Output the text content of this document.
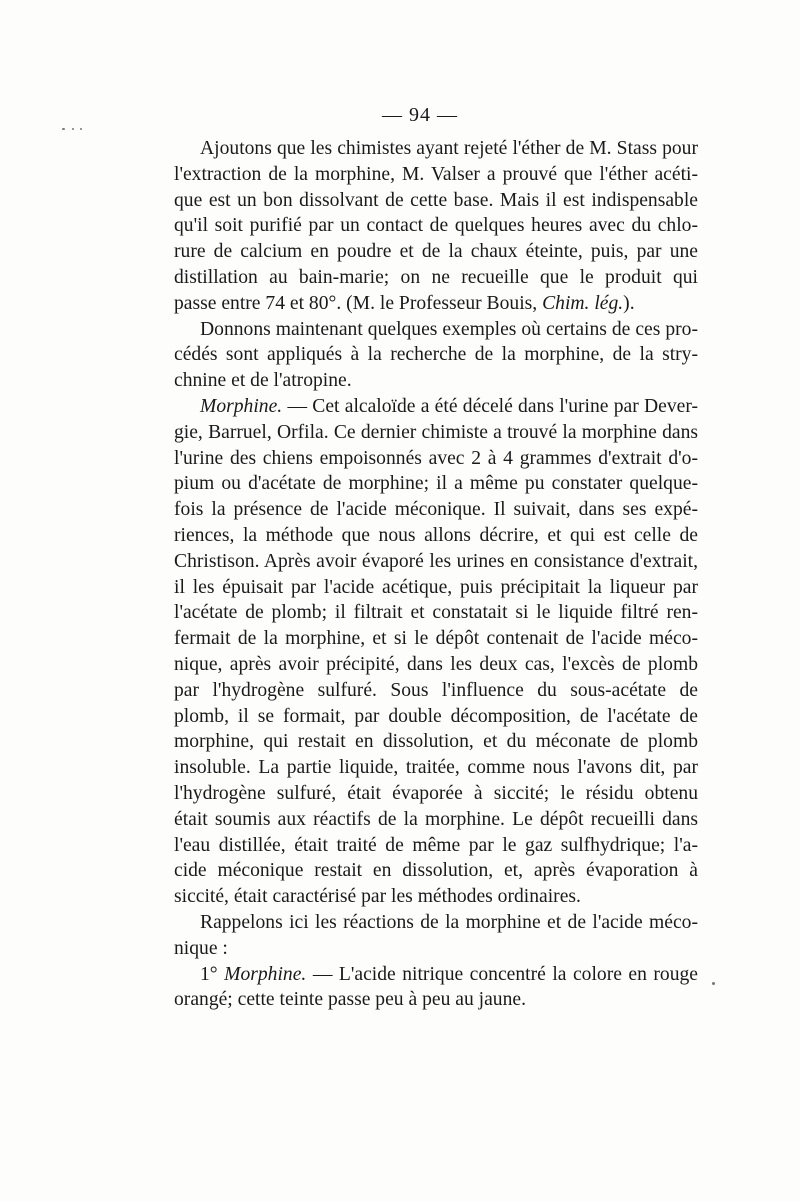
— 94 —

Ajoutons que les chimistes ayant rejeté l'éther de M. Stass pour
l'extraction de la morphine, M. Valser a prouvé que l'éther acéti-
que est un bon dissolvant de cette base. Mais il est indispensable
qu'il soit purifié par un contact de quelques heures avec du chlo-
rure de calcium en poudre et de la chaux éteinte, puis, par une
distillation au bain-marie; on ne recueille que le produit qui
passe entre 74 et 80°. (M. le Professeur Bouis, Chim. lég.).

Donnons maintenant quelques exemples où certains de ces pro-
cédés sont appliqués à la recherche de la morphine, de la stry-
chnine et de l'atropine.

Morphine. — Cet alcaloïde a été décelé dans l'urine par Dever-
gie, Barruel, Orfila. Ce dernier chimiste a trouvé la morphine dans
l'urine des chiens empoisonnés avec 2 à 4 grammes d'extrait d'o-
pium ou d'acétate de morphine; il a même pu constater quelque-
fois la présence de l'acide méconique. Il suivait, dans ses expé-
riences, la méthode que nous allons décrire, et qui est celle de
Christison. Après avoir évaporé les urines en consistance d'extrait,
il les épuisait par l'acide acétique, puis précipitait la liqueur par
l'acétate de plomb; il filtrait et constatait si le liquide filtré ren-
fermait de la morphine, et si le dépôt contenait de l'acide méco-
nique, après avoir précipité, dans les deux cas, l'excès de plomb
par l'hydrogène sulfuré. Sous l'influence du sous-acétate de
plomb, il se formait, par double décomposition, de l'acétate de
morphine, qui restait en dissolution, et du méconate de plomb
insoluble. La partie liquide, traitée, comme nous l'avons dit, par
l'hydrogène sulfuré, était évaporée à siccité; le résidu obtenu
était soumis aux réactifs de la morphine. Le dépôt recueilli dans
l'eau distillée, était traité de même par le gaz sulfhydrique; l'a-
cide méconique restait en dissolution, et, après évaporation à
siccité, était caractérisé par les méthodes ordinaires.

Rappelons ici les réactions de la morphine et de l'acide méco-
nique :

1° Morphine. — L'acide nitrique concentré la colore en rouge
orangé; cette teinte passe peu à peu au jaune.
